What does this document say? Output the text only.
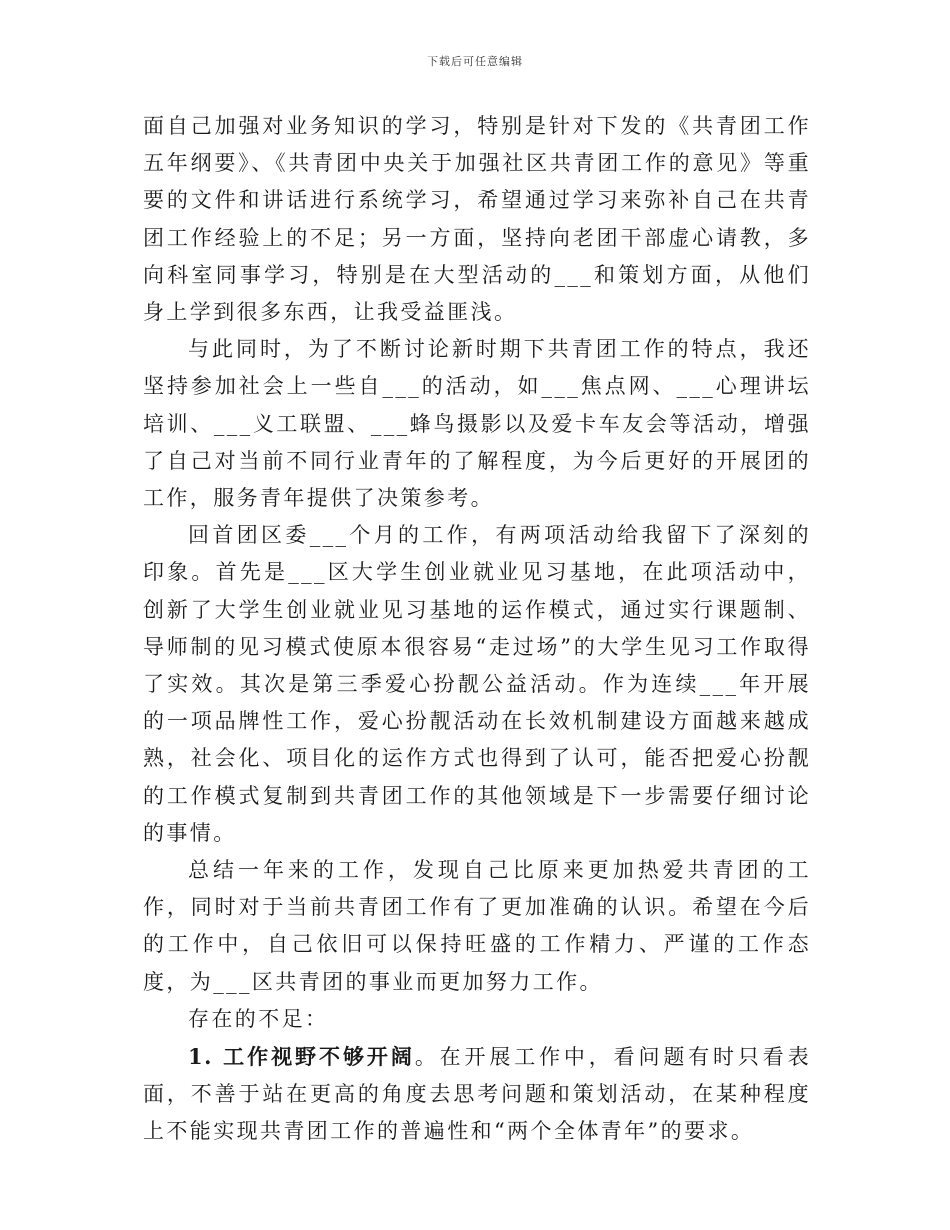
下载后可任意编辑

面自己加强对业务知识的学习，特别是针对下发的《共青团工作五年纲要》、《共青团中央关于加强社区共青团工作的意见》等重要的文件和讲话进行系统学习，希望通过学习来弥补自己在共青团工作经验上的不足；另一方面，坚持向老团干部虚心请教，多向科室同事学习，特别是在大型活动的___和策划方面，从他们身上学到很多东西，让我受益匪浅。

与此同时，为了不断讨论新时期下共青团工作的特点，我还坚持参加社会上一些自___的活动，如___焦点网、___心理讲坛培训、___义工联盟、___蜂鸟摄影以及爱卡车友会等活动，增强了自己对当前不同行业青年的了解程度，为今后更好的开展团的工作，服务青年提供了决策参考。

回首团区委___个月的工作，有两项活动给我留下了深刻的印象。首先是___区大学生创业就业见习基地，在此项活动中，创新了大学生创业就业见习基地的运作模式，通过实行课题制、导师制的见习模式使原本很容易“走过场”的大学生见习工作取得了实效。其次是第三季爱心扮靓公益活动。作为连续___年开展的一项品牌性工作，爱心扮靓活动在长效机制建设方面越来越成熟，社会化、项目化的运作方式也得到了认可，能否把爱心扮靓的工作模式复制到共青团工作的其他领域是下一步需要仔细讨论的事情。

总结一年来的工作，发现自己比原来更加热爱共青团的工作，同时对于当前共青团工作有了更加准确的认识。希望在今后的工作中，自己依旧可以保持旺盛的工作精力、严谨的工作态度，为___区共青团的事业而更加努力工作。

存在的不足：

1. 工作视野不够开阔。在开展工作中，看问题有时只看表面，不善于站在更高的角度去思考问题和策划活动，在某种程度上不能实现共青团工作的普遍性和“两个全体青年”的要求。
